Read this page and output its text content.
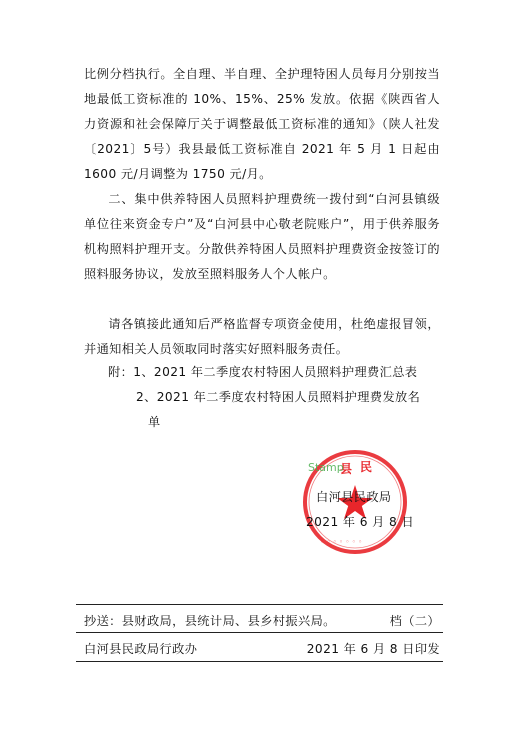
比例分档执行。全自理、半自理、全护理特困人员每月分别按当地最低工资标准的 10%、15%、25% 发放。依据《陕西省人力资源和社会保障厅关于调整最低工资标准的通知》（陕人社发〔2021〕5号）我县最低工资标准自 2021 年 5 月 1 日起由 1600 元/月调整为 1750 元/月。

二、集中供养特困人员照料护理费统一拨付到“白河县镇级单位往来资金专户”及“白河县中心敬老院账户”，用于供养服务机构照料护理开支。分散供养特困人员照料护理费资金按签订的照料服务协议，发放至照料服务人个人帐户。

请各镇接此通知后严格监督专项资金使用，杜绝虚报冒领，并通知相关人员领取同时落实好照料服务责任。

附：1、2021 年二季度农村特困人员照料护理费汇总表
2、2021 年二季度农村特困人员照料护理费发放名
单
县 民
Stamp
◦ ◦ ◦ ◦ ◦ ◦ ◦
白河县民政局
2021 年 6 月 8 日
抄送：县财政局，县统计局、县乡村振兴局。	档（二）
白河县民政局行政办	2021 年 6 月 8 日印发
